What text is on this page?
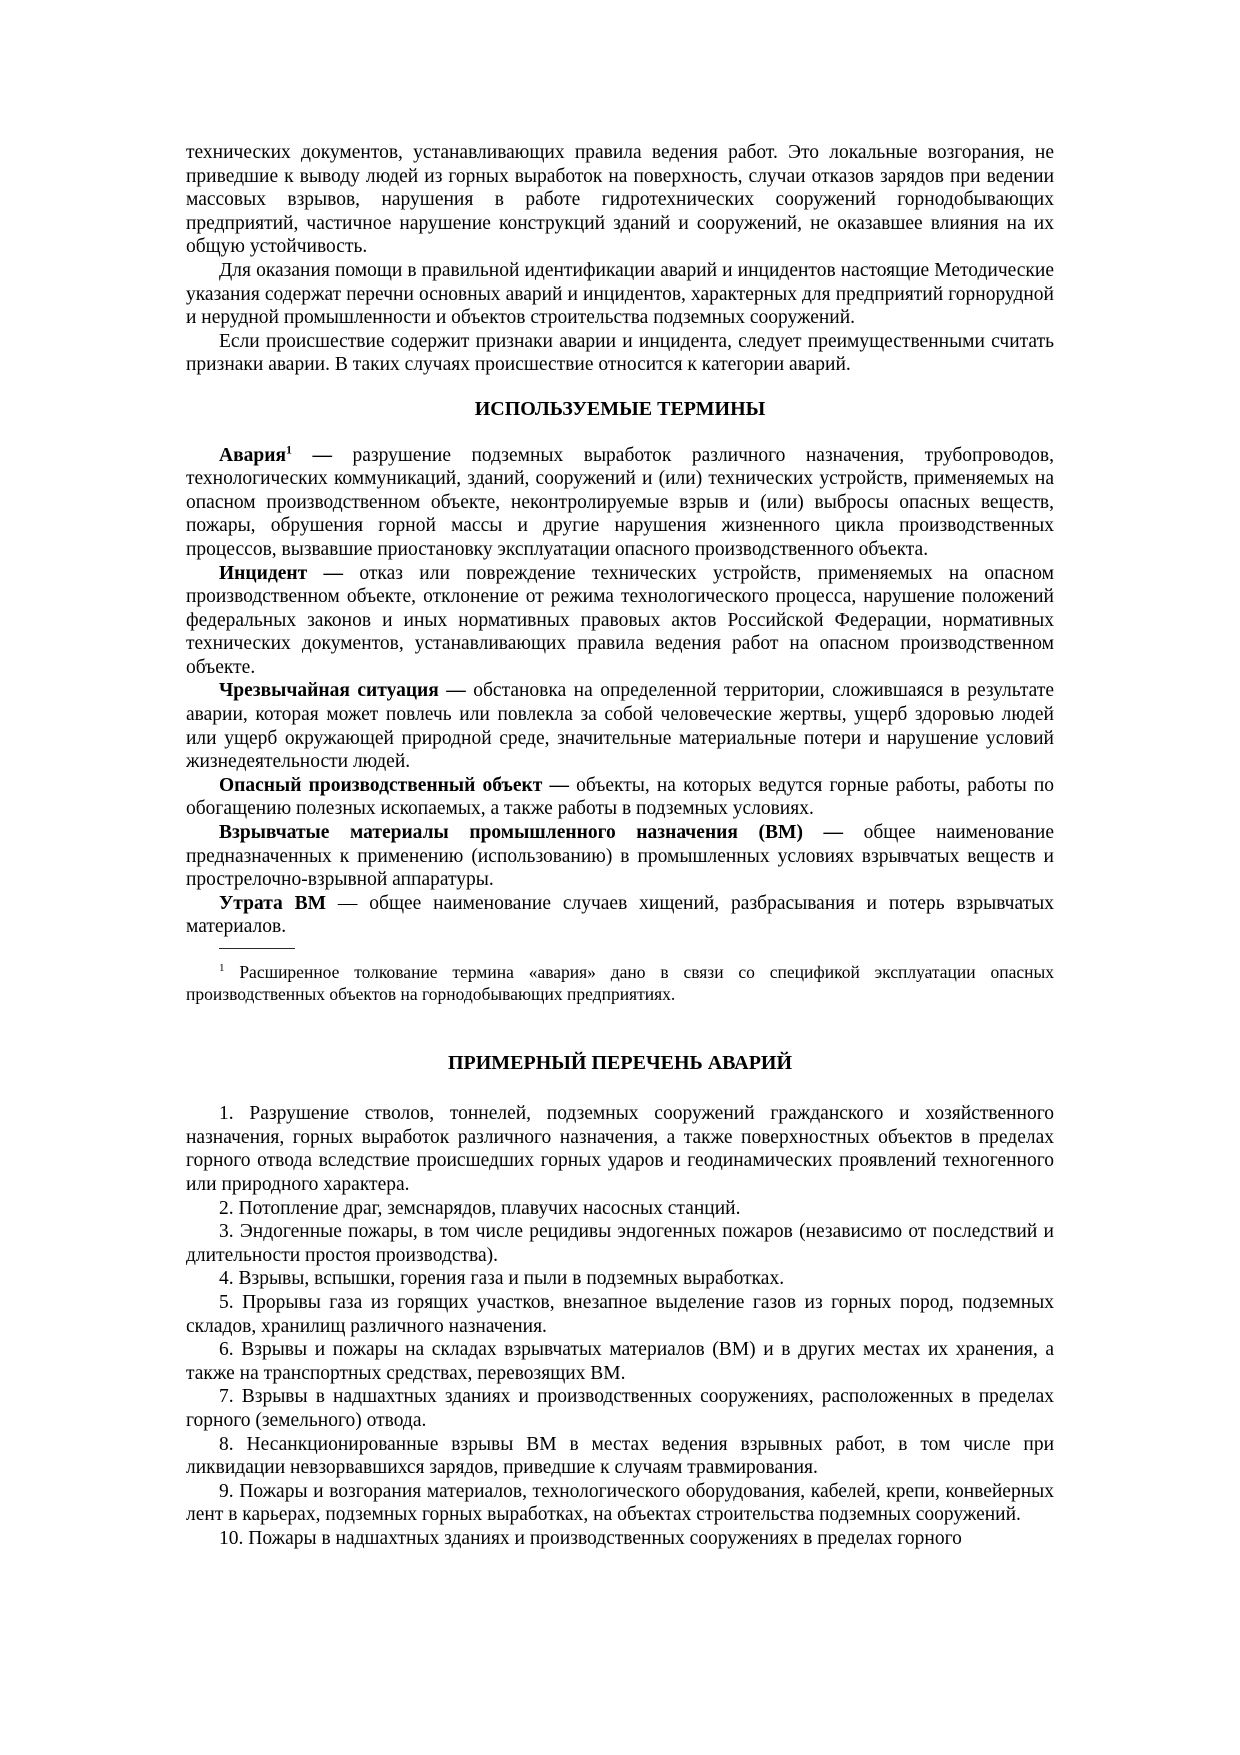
технических документов, устанавливающих правила ведения работ. Это локальные возгорания, не приведшие к выводу людей из горных выработок на поверхность, случаи отказов зарядов при ведении массовых взрывов, нарушения в работе гидротехнических сооружений горнодобывающих предприятий, частичное нарушение конструкций зданий и сооружений, не оказавшее влияния на их общую устойчивость.

Для оказания помощи в правильной идентификации аварий и инцидентов настоящие Методические указания содержат перечни основных аварий и инцидентов, характерных для предприятий горнорудной и нерудной промышленности и объектов строительства подземных сооружений.

Если происшествие содержит признаки аварии и инцидента, следует преимущественными считать признаки аварии. В таких случаях происшествие относится к категории аварий.

ИСПОЛЬЗУЕМЫЕ ТЕРМИНЫ

Авария$^1$ — разрушение подземных выработок различного назначения, трубопроводов, технологических коммуникаций, зданий, сооружений и (или) технических устройств, применяемых на опасном производственном объекте, неконтролируемые взрыв и (или) выбросы опасных веществ, пожары, обрушения горной массы и другие нарушения жизненного цикла производственных процессов, вызвавшие приостановку эксплуатации опасного производственного объекта.

Инцидент — отказ или повреждение технических устройств, применяемых на опасном производственном объекте, отклонение от режима технологического процесса, нарушение положений федеральных законов и иных нормативных правовых актов Российской Федерации, нормативных технических документов, устанавливающих правила ведения работ на опасном производственном объекте.

Чрезвычайная ситуация — обстановка на определенной территории, сложившаяся в результате аварии, которая может повлечь или повлекла за собой человеческие жертвы, ущерб здоровью людей или ущерб окружающей природной среде, значительные материальные потери и нарушение условий жизнедеятельности людей.

Опасный производственный объект — объекты, на которых ведутся горные работы, работы по обогащению полезных ископаемых, а также работы в подземных условиях.

Взрывчатые материалы промышленного назначения (ВМ) — общее наименование предназначенных к применению (использованию) в промышленных условиях взрывчатых веществ и прострелочно-взрывной аппаратуры.

Утрата ВМ — общее наименование случаев хищений, разбрасывания и потерь взрывчатых материалов.

$^1$ Расширенное толкование термина «авария» дано в связи со спецификой эксплуатации опасных производственных объектов на горнодобывающих предприятиях.

ПРИМЕРНЫЙ ПЕРЕЧЕНЬ АВАРИЙ

1. Разрушение стволов, тоннелей, подземных сооружений гражданского и хозяйственного назначения, горных выработок различного назначения, а также поверхностных объектов в пределах горного отвода вследствие происшедших горных ударов и геодинамических проявлений техногенного или природного характера.

2. Потопление драг, земснарядов, плавучих насосных станций.

3. Эндогенные пожары, в том числе рецидивы эндогенных пожаров (независимо от последствий и длительности простоя производства).

4. Взрывы, вспышки, горения газа и пыли в подземных выработках.

5. Прорывы газа из горящих участков, внезапное выделение газов из горных пород, подземных складов, хранилищ различного назначения.

6. Взрывы и пожары на складах взрывчатых материалов (ВМ) и в других местах их хранения, а также на транспортных средствах, перевозящих ВМ.

7. Взрывы в надшахтных зданиях и производственных сооружениях, расположенных в пределах горного (земельного) отвода.

8. Несанкционированные взрывы ВМ в местах ведения взрывных работ, в том числе при ликвидации невзорвавшихся зарядов, приведшие к случаям травмирования.

9. Пожары и возгорания материалов, технологического оборудования, кабелей, крепи, конвейерных лент в карьерах, подземных горных выработках, на объектах строительства подземных сооружений.

10. Пожары в надшахтных зданиях и производственных сооружениях в пределах горного
